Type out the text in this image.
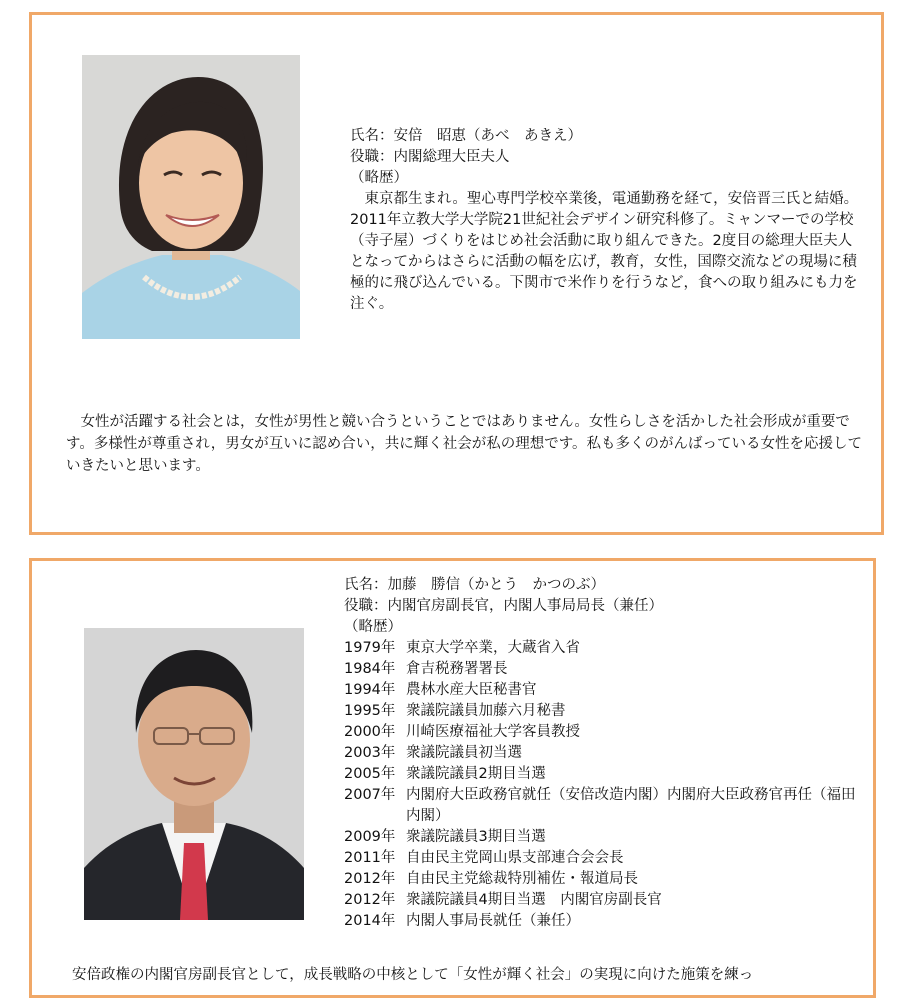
氏名：安倍　昭恵（あべ　あきえ）
役職：内閣総理大臣夫人
（略歴）

東京都生まれ。聖心専門学校卒業後，電通勤務を経て，安倍晋三氏と結婚。2011年立教大学大学院21世紀社会デザイン研究科修了。ミャンマーでの学校（寺子屋）づくりをはじめ社会活動に取り組んできた。2度目の総理大臣夫人となってからはさらに活動の幅を広げ，教育，女性，国際交流などの現場に積極的に飛び込んでいる。下関市で米作りを行うなど，食への取り組みにも力を注ぐ。

女性が活躍する社会とは，女性が男性と競い合うということではありません。女性らしさを活かした社会形成が重要です。多様性が尊重され，男女が互いに認め合い，共に輝く社会が私の理想です。私も多くのがんばっている女性を応援していきたいと思います。

氏名：加藤　勝信（かとう　かつのぶ）
役職：内閣官房副長官，内閣人事局局長（兼任）
（略歴）
1979年 東京大学卒業，大蔵省入省
1984年 倉吉税務署署長
1994年 農林水産大臣秘書官
1995年 衆議院議員加藤六月秘書
2000年 川崎医療福祉大学客員教授
2003年 衆議院議員初当選
2005年 衆議院議員2期目当選
2007年 内閣府大臣政務官就任（安倍改造内閣）内閣府大臣政務官再任（福田内閣）
2009年 衆議院議員3期目当選
2011年 自由民主党岡山県支部連合会会長
2012年 自由民主党総裁特別補佐・報道局長
2012年 衆議院議員4期目当選　内閣官房副長官
2014年 内閣人事局長就任（兼任）

安倍政権の内閣官房副長官として，成長戦略の中核として「女性が輝く社会」の実現に向けた施策を練っ
